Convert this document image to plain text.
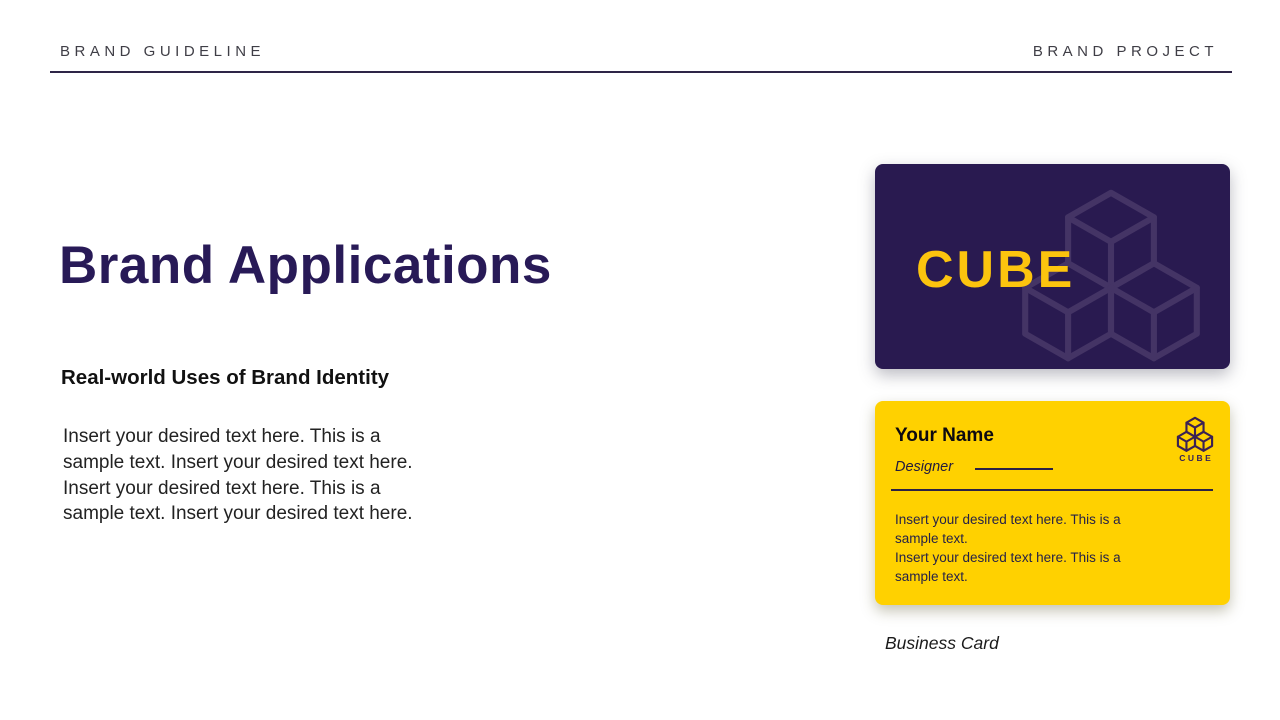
BRAND GUIDELINE	BRAND PROJECT
Brand Applications
Real-world Uses of Brand Identity
Insert your desired text here. This is a
sample text. Insert your desired text here.
Insert your desired text here. This is a
sample text. Insert your desired text here.
CUBE
Your Name
Designer
Insert your desired text here. This is a
sample text.
Insert your desired text here. This is a
sample text.
CUBE
Business Card
